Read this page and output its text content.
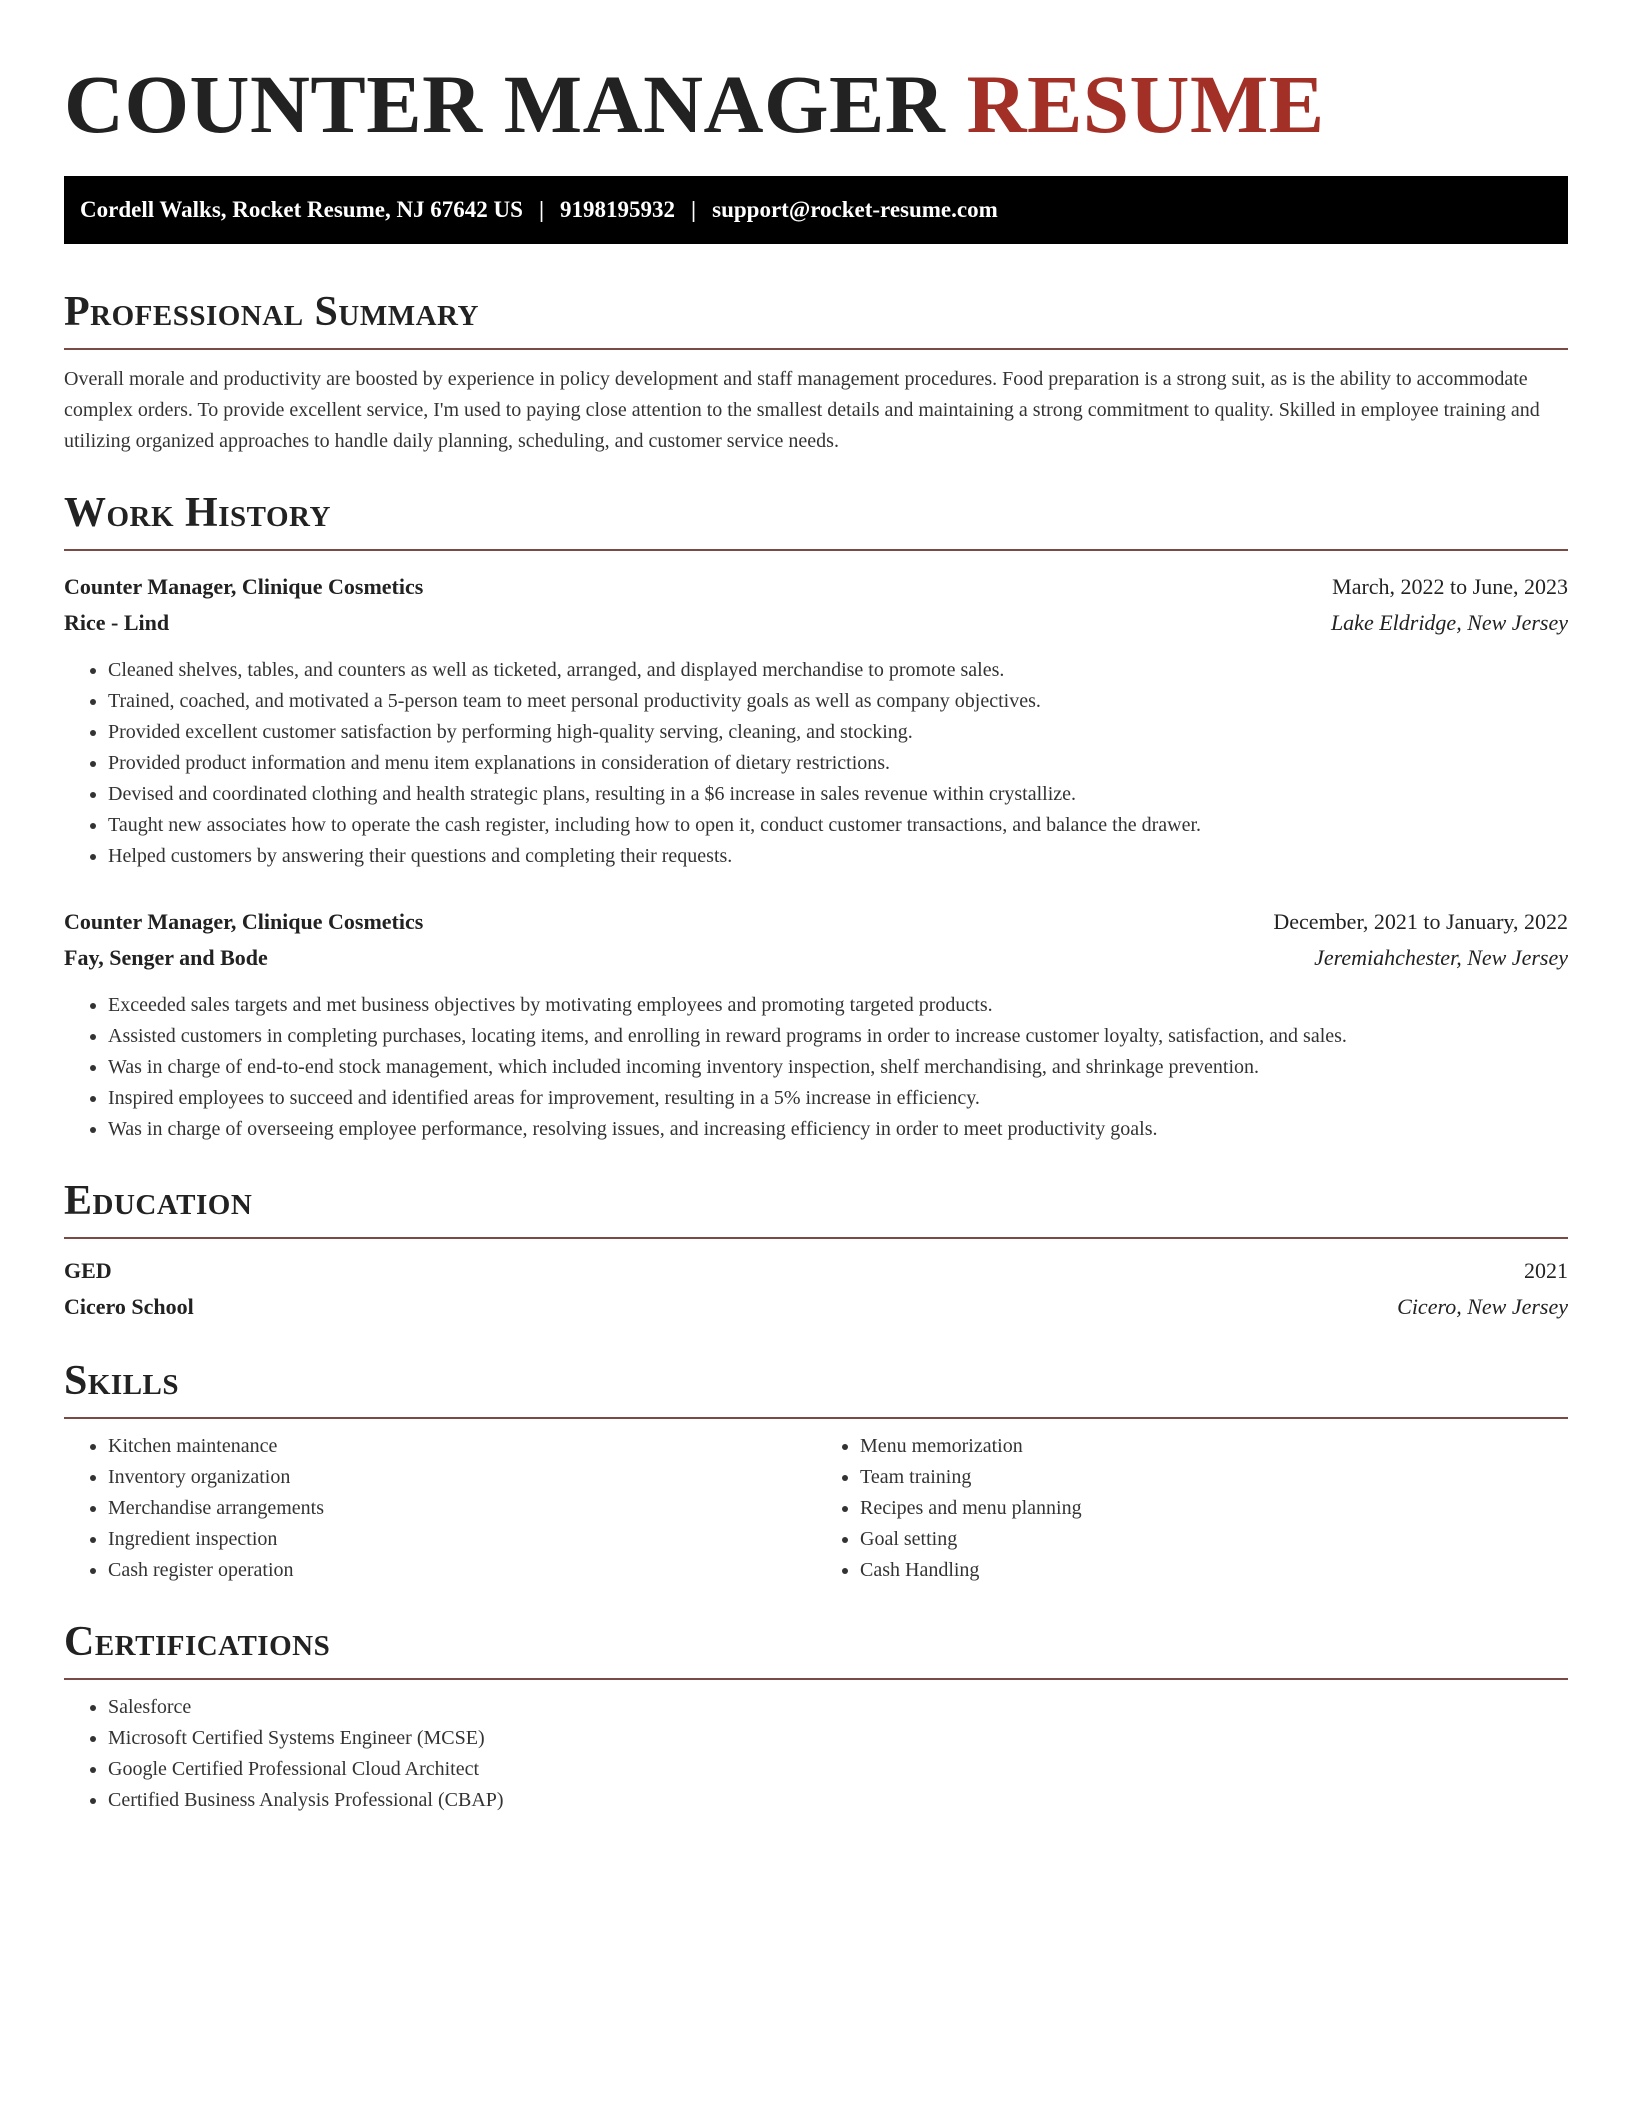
COUNTER MANAGER RESUME
Cordell Walks, Rocket Resume, NJ 67642 US | 9198195932 | support@rocket-resume.com
Professional Summary

Overall morale and productivity are boosted by experience in policy development and staff management procedures. Food preparation is a strong suit, as is the ability to accommodate complex orders. To provide excellent service, I'm used to paying close attention to the smallest details and maintaining a strong commitment to quality. Skilled in employee training and utilizing organized approaches to handle daily planning, scheduling, and customer service needs.

Work History
Counter Manager, Clinique Cosmetics	March, 2022 to June, 2023
Rice - Lind	Lake Eldridge, New Jersey
• Cleaned shelves, tables, and counters as well as ticketed, arranged, and displayed merchandise to promote sales.
• Trained, coached, and motivated a 5-person team to meet personal productivity goals as well as company objectives.
• Provided excellent customer satisfaction by performing high-quality serving, cleaning, and stocking.
• Provided product information and menu item explanations in consideration of dietary restrictions.
• Devised and coordinated clothing and health strategic plans, resulting in a $6 increase in sales revenue within crystallize.
• Taught new associates how to operate the cash register, including how to open it, conduct customer transactions, and balance the drawer.
• Helped customers by answering their questions and completing their requests.
Counter Manager, Clinique Cosmetics	December, 2021 to January, 2022
Fay, Senger and Bode	Jeremiahchester, New Jersey
• Exceeded sales targets and met business objectives by motivating employees and promoting targeted products.
• Assisted customers in completing purchases, locating items, and enrolling in reward programs in order to increase customer loyalty, satisfaction, and sales.
• Was in charge of end-to-end stock management, which included incoming inventory inspection, shelf merchandising, and shrinkage prevention.
• Inspired employees to succeed and identified areas for improvement, resulting in a 5% increase in efficiency.
• Was in charge of overseeing employee performance, resolving issues, and increasing efficiency in order to meet productivity goals.
Education
GED	2021
Cicero School	Cicero, New Jersey
Skills
• Kitchen maintenance
• Inventory organization
• Merchandise arrangements
• Ingredient inspection
• Cash register operation
• Menu memorization
• Team training
• Recipes and menu planning
• Goal setting
• Cash Handling
Certifications
• Salesforce
• Microsoft Certified Systems Engineer (MCSE)
• Google Certified Professional Cloud Architect
• Certified Business Analysis Professional (CBAP)
